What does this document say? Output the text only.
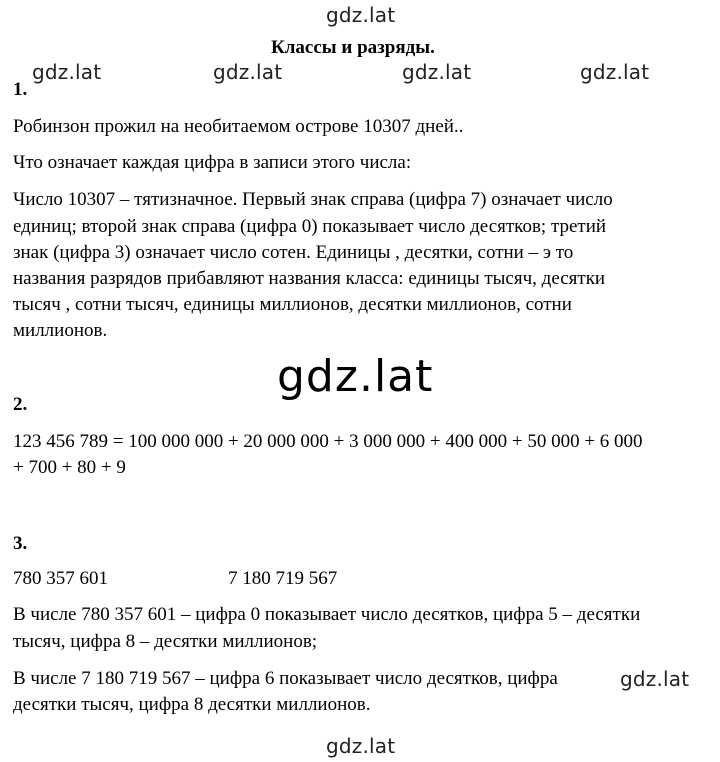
gdz.lat
gdz.lat	gdz.lat	gdz.lat	gdz.lat
Классы и разряды.
1.
Робинзон прожил на необитаемом острове 10307 дней..
Что означает каждая цифра в записи этого числа:
Число 10307 – тятизначное. Первый знак справа (цифра 7) означает число
единиц; второй знак справа (цифра 0) показывает число десятков; третий
знак (цифра 3) означает число сотен. Единицы , десятки, сотни – э то
названия разрядов прибавляют названия класса: единицы тысяч, десятки
тысяч , сотни тысяч, единицы миллионов, десятки миллионов, сотни
миллионов.
gdz.lat
2.
123 456 789 = 100 000 000 + 20 000 000 + 3 000 000 + 400 000 + 50 000 + 6 000
+ 700 + 80 + 9
3.
780 357 601	7 180 719 567
В числе 780 357 601 – цифра 0 показывает число десятков, цифра 5 – десятки
тысяч, цифра 8 – десятки миллионов;
В числе 7 180 719 567 – цифра 6 показывает число десятков, цифра	gdz.lat
десятки тысяч, цифра 8 десятки миллионов.
gdz.lat
